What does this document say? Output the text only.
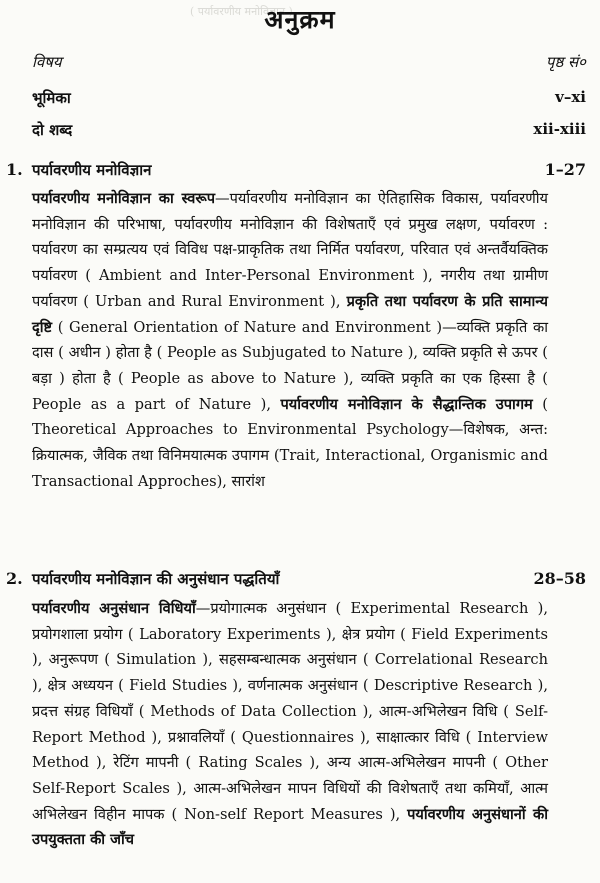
( पर्यावरणीय मनोविज्ञान )
अनुक्रम
विषय	पृष्ठ सं०
भूमिका	v–xi
दो शब्द	xii-xiii
1. पर्यावरणीय मनोविज्ञान	1–27
पर्यावरणीय मनोविज्ञान का स्वरूप—पर्यावरणीय मनोविज्ञान का ऐतिहासिक विकास, पर्यावरणीय मनोविज्ञान की परिभाषा, पर्यावरणीय मनोविज्ञान की विशेषताएँ एवं प्रमुख लक्षण, पर्यावरण : पर्यावरण का सम्प्रत्यय एवं विविध पक्ष-प्राकृतिक तथा निर्मित पर्यावरण, परिवात एवं अन्तर्वैयक्तिक पर्यावरण ( Ambient and Inter-Personal Environment ), नगरीय तथा ग्रामीण पर्यावरण ( Urban and Rural Environment ), प्रकृति तथा पर्यावरण के प्रति सामान्य दृष्टि ( General Orientation of Nature and Environment )—व्यक्ति प्रकृति का दास ( अधीन ) होता है ( People as Subjugated to Nature ), व्यक्ति प्रकृति से ऊपर ( बड़ा ) होता है ( People as above to Nature ), व्यक्ति प्रकृति का एक हिस्सा है ( People as a part of Nature ), पर्यावरणीय मनोविज्ञान के सैद्धान्तिक उपागम ( Theoretical Approaches to Environmental Psychology—विशेषक, अन्त: क्रियात्मक, जैविक तथा विनिमयात्मक उपागम (Trait, Interactional, Organismic and Transactional Approches), सारांश
2. पर्यावरणीय मनोविज्ञान की अनुसंधान पद्धतियाँ	28–58
पर्यावरणीय अनुसंधान विधियाँ—प्रयोगात्मक अनुसंधान ( Experimental Research ), प्रयोगशाला प्रयोग ( Laboratory Experiments ), क्षेत्र प्रयोग ( Field Experiments ), अनुरूपण ( Simulation ), सहसम्बन्धात्मक अनुसंधान ( Correlational Research ), क्षेत्र अध्ययन ( Field Studies ), वर्णनात्मक अनुसंधान ( Descriptive Research ), प्रदत्त संग्रह विधियाँ ( Methods of Data Collection ), आत्म-अभिलेखन विधि ( Self-Report Method ), प्रश्नावलियाँ ( Questionnaires ), साक्षात्कार विधि ( Interview Method ), रेटिंग मापनी ( Rating Scales ), अन्य आत्म-अभिलेखन मापनी ( Other Self-Report Scales ), आत्म-अभिलेखन मापन विधियों की विशेषताएँ तथा कमियाँ, आत्म अभिलेखन विहीन मापक ( Non-self Report Measures ), पर्यावरणीय अनुसंधानों की उपयुक्तता की जाँच
